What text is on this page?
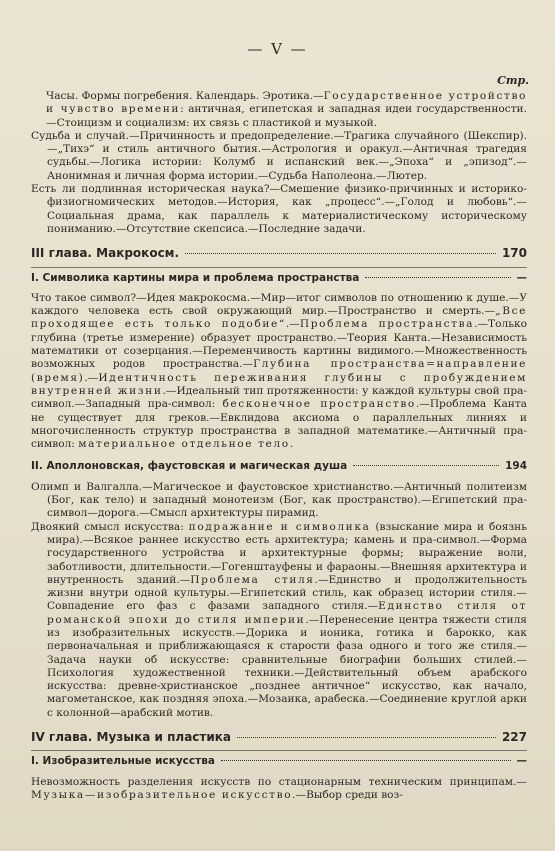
— V —
Стр.

Часы. Формы погребения. Календарь. Эротика.—Государственное устройство и чувство времени: античная, египетская и западная идеи государственности.—Стоицизм и социализм: их связь с пластикой и музыкой.

Судьба и случай.—Причинность и предопределение.—Трагика случайного (Шекспир).—„Тихэ“ и стиль античного бытия.—Астрология и оракул.—Античная трагедия судьбы.—Логика истории: Колумб и испанский век.—„Эпоха“ и „эпизод“.—Анонимная и личная форма истории.—Судьба Наполеона.—Лютер.

Есть ли подлинная историческая наука?—Смешение физико-причинных и историко-физиогномических методов.—История, как „процесс“.—„Голод и любовь“.—Социальная драма, как параллель к материалистическому историческому пониманию.—Отсутствие скепсиса.—Последние задачи.

III глава. Макрокосм.	170
I. Символика картины мира и проблема пространства	—

Что такое символ?—Идея макрокосма.—Мир—итог символов по отношению к душе.—У каждого человека есть свой окружающий мир.—Пространство и смерть.—„Все проходящее есть только подобие“.—Проблема пространства.—Только глубина (третье измерение) образует пространство.—Теория Канта.—Независимость математики от созерцания.—Переменчивость картины видимого.—Множественность возможных родов пространства.—Глубина пространства=направление (время).—Идентичность переживания глубины с пробуждением внутренней жизни.—Идеальный тип протяженности: у каждой культуры свой пра-символ.—Западный пра-символ: бесконечное пространство.—Проблема Канта не существует для греков.—Евклидова аксиома о параллельных линиях и многочисленность структур пространства в западной математике.—Античный пра-символ: материальное отдельное тело.

II. Аполлоновская, фаустовская и магическая душа	194

Олимп и Валгалла.—Магическое и фаустовское христианство.—Античный политеизм (Бог, как тело) и западный монотеизм (Бог, как пространство).—Египетский пра-символ—дорога.—Смысл архитектуры пирамид.

Двоякий смысл искусства: подражание и символика (взыскание мира и боязнь мира).—Всякое раннее искусство есть архитектура; камень и пра-символ.—Форма государственного устройства и архитектурные формы; выражение воли, заботливости, длительности.—Гогенштауфены и фараоны.—Внешняя архитектура и внутренность зданий.—Проблема стиля.—Единство и продолжительность жизни внутри одной культуры.—Египетский стиль, как образец истории стиля.—Совпадение его фаз с фазами западного стиля.—Единство стиля от романской эпохи до стиля империи.—Перенесение центра тяжести стиля из изобразительных искусств.—Дорика и ионика, готика и барокко, как первоначальная и приближающаяся к старости фаза одного и того же стиля.—Задача науки об искусстве: сравнительные биографии больших стилей.—Психология художественной техники.—Действительный объем арабского искусства: древне-христианское „позднее античное“ искусство, как начало, магометанское, как поздняя эпоха.—Мозаика, арабеска.—Соединение круглой арки с колонной—арабский мотив.

IV глава. Музыка и пластика	227
I. Изобразительные искусства	—

Невозможность разделения искусств по стационарным техническим принципам.—Музыка—изобразительное искусство.—Выбор среди воз-
